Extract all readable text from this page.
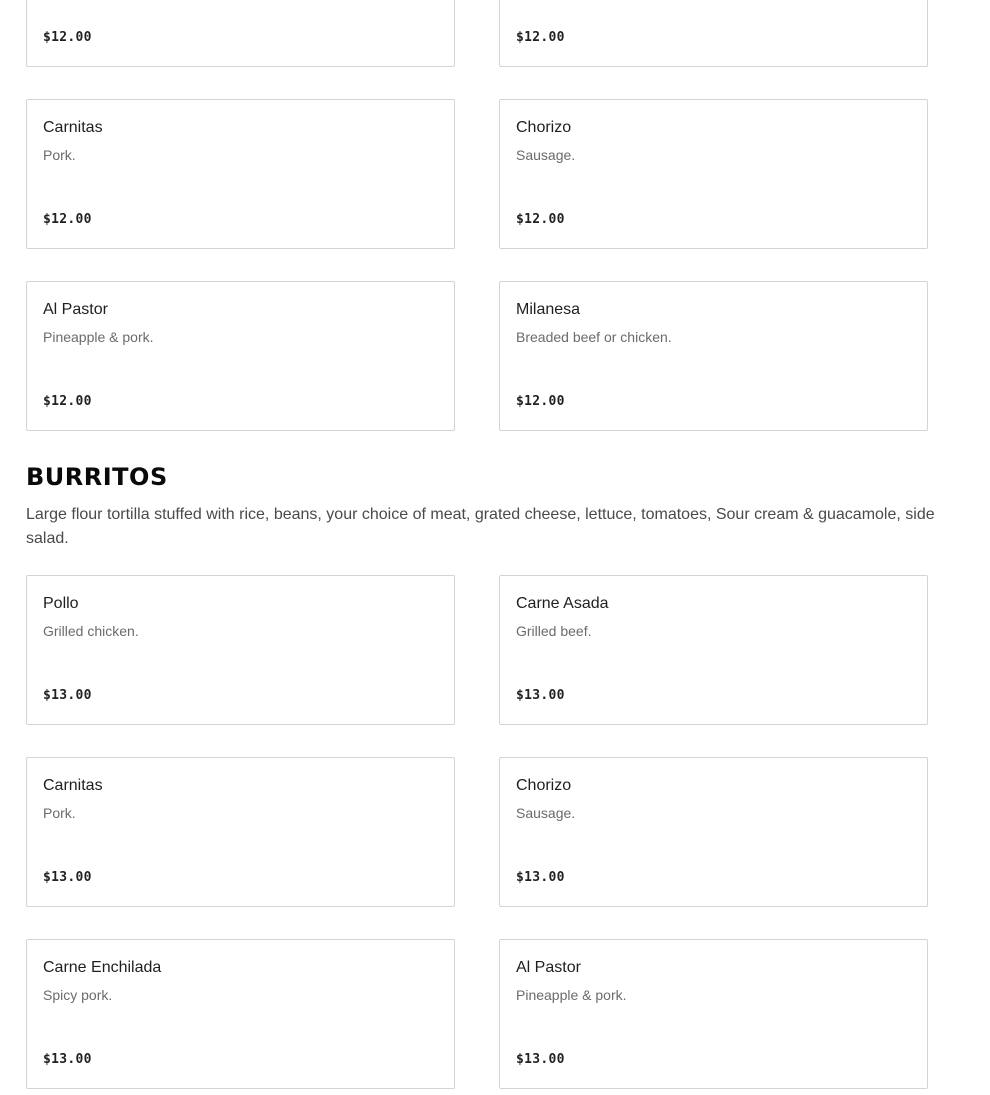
$12.00	$12.00
Carnitas
Pork.
$12.00
Chorizo
Sausage.
$12.00
Al Pastor
Pineapple & pork.
$12.00
Milanesa
Breaded beef or chicken.
$12.00
BURRITOS

Large flour tortilla stuffed with rice, beans, your choice of meat, grated cheese, lettuce, tomatoes, Sour cream & guacamole, side salad.

Pollo
Grilled chicken.
$13.00
Carne Asada
Grilled beef.
$13.00
Carnitas
Pork.
$13.00
Chorizo
Sausage.
$13.00
Carne Enchilada
Spicy pork.
$13.00
Al Pastor
Pineapple & pork.
$13.00
